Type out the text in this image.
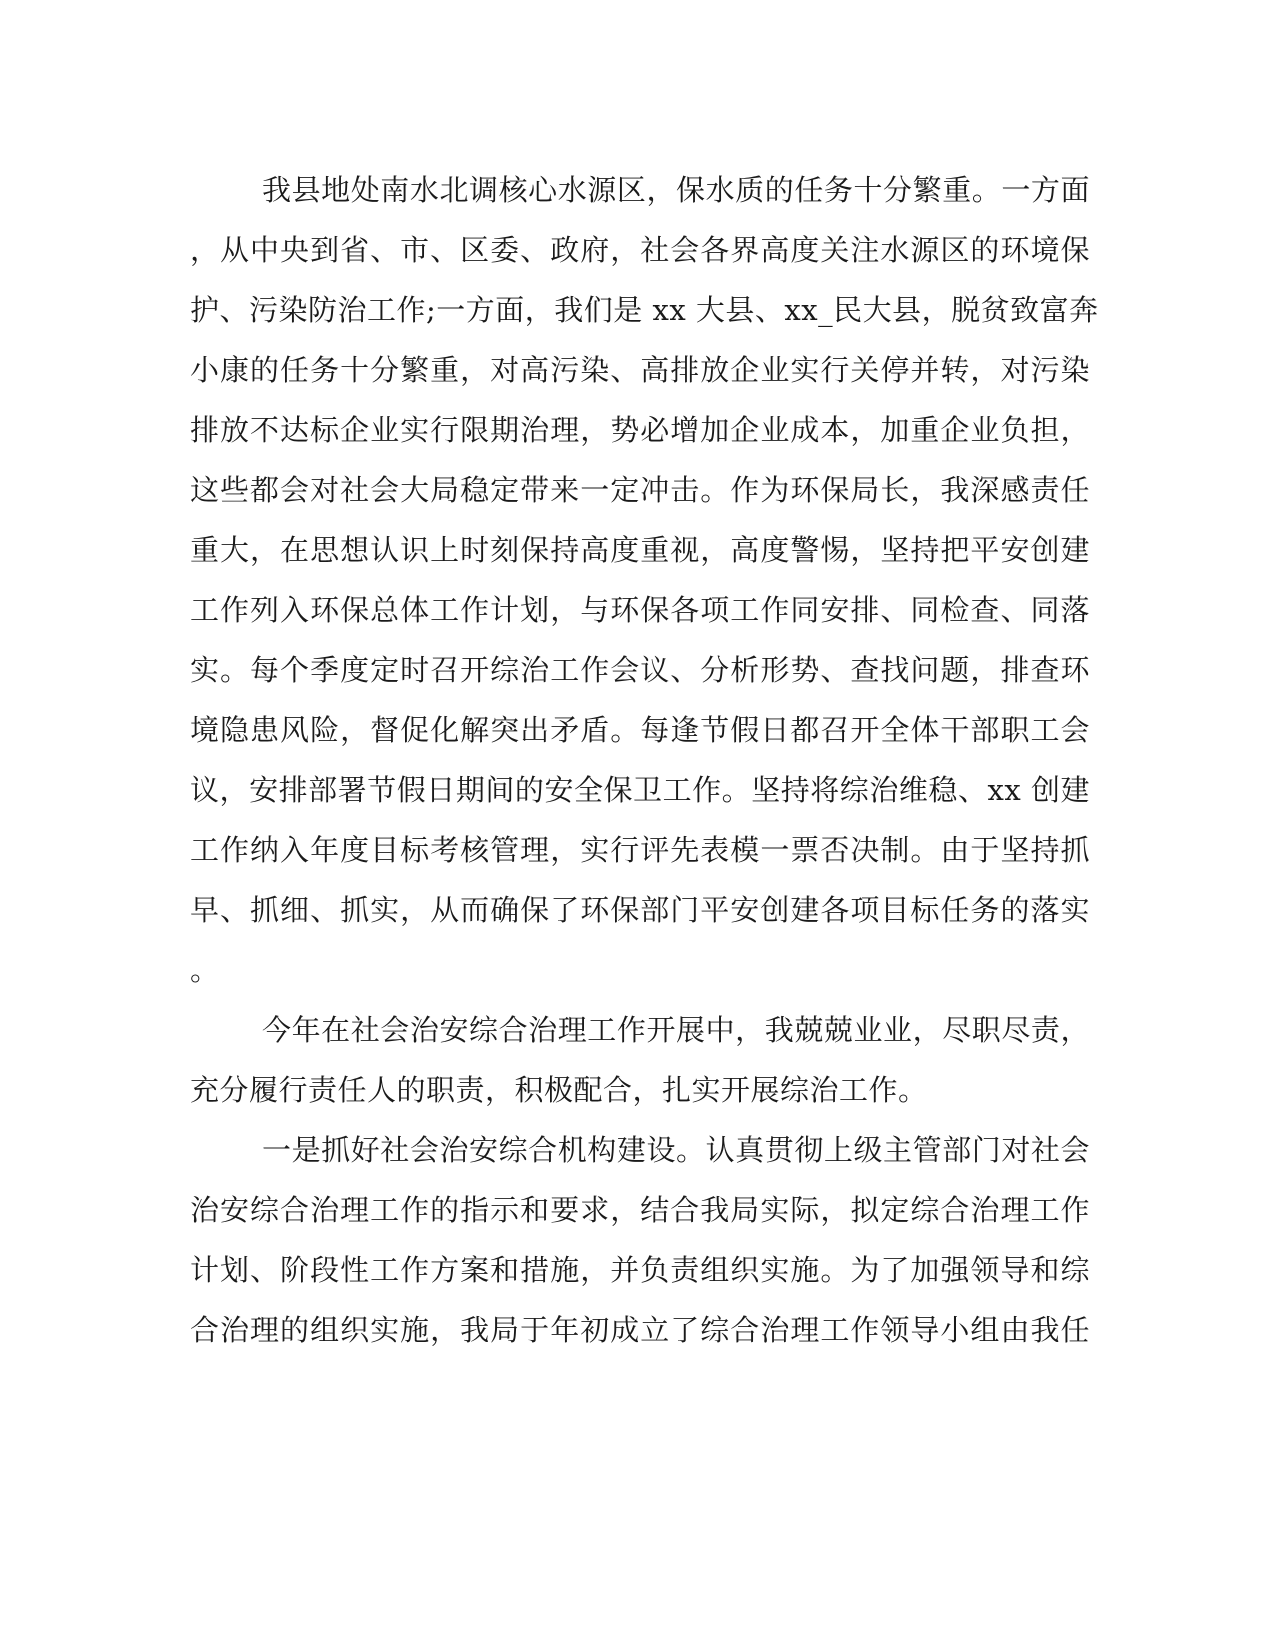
我县地处南水北调核心水源区，保水质的任务十分繁重。一方面
，从中央到省、市、区委、政府，社会各界高度关注水源区的环境保
护、污染防治工作;一方面，我们是 xx 大县、xx_民大县，脱贫致富奔
小康的任务十分繁重，对高污染、高排放企业实行关停并转，对污染
排放不达标企业实行限期治理，势必增加企业成本，加重企业负担，
这些都会对社会大局稳定带来一定冲击。作为环保局长，我深感责任
重大，在思想认识上时刻保持高度重视，高度警惕，坚持把平安创建
工作列入环保总体工作计划，与环保各项工作同安排、同检查、同落
实。每个季度定时召开综治工作会议、分析形势、查找问题，排查环
境隐患风险，督促化解突出矛盾。每逢节假日都召开全体干部职工会
议，安排部署节假日期间的安全保卫工作。坚持将综治维稳、xx 创建
工作纳入年度目标考核管理，实行评先表模一票否决制。由于坚持抓
早、抓细、抓实，从而确保了环保部门平安创建各项目标任务的落实
。
今年在社会治安综合治理工作开展中，我兢兢业业，尽职尽责，
充分履行责任人的职责，积极配合，扎实开展综治工作。
一是抓好社会治安综合机构建设。认真贯彻上级主管部门对社会
治安综合治理工作的指示和要求，结合我局实际，拟定综合治理工作
计划、阶段性工作方案和措施，并负责组织实施。为了加强领导和综
合治理的组织实施，我局于年初成立了综合治理工作领导小组由我任
